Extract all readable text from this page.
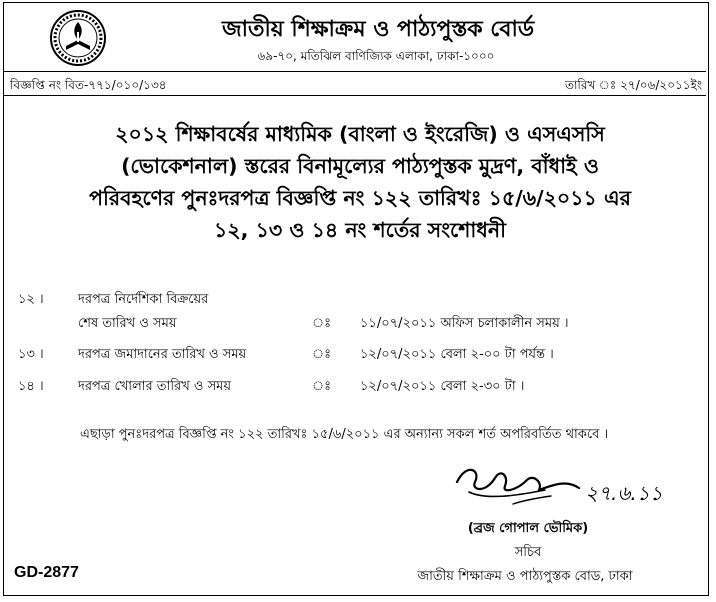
জাতীয় শিক্ষাক্রম ও পাঠ্যপুস্তক বোর্ড
৬৯-৭০, মতিঝিল বাণিজ্যিক এলাকা, ঢাকা-১০০০
বিজ্ঞপ্তি নং বিত-৭৭১/০১০/১৩৪	তারিখ ঃ ২৭/০৬/২০১১ইং
২০১২ শিক্ষাবর্ষের মাধ্যমিক (বাংলা ও ইংরেজি) ও এসএসসি
(ভোকেশনাল) স্তরের বিনামূল্যের পাঠ্যপুস্তক মুদ্রণ, বাঁধাই ও
পরিবহণের পুনঃদরপত্র বিজ্ঞপ্তি নং ১২২ তারিখঃ ১৫/৬/২০১১ এর
১২, ১৩ ও ১৪ নং শর্তের সংশোধনী
১২ ।	দরপত্র নির্দেশিকা বিক্রয়ের
শেষ তারিখ ও সময়	ঃ ১১/০৭/২০১১ অফিস চলাকালীন সময় ।
১৩ ।	দরপত্র জমাদানের তারিখ ও সময়	ঃ ১২/০৭/২০১১ বেলা ২-০০ টা পর্যন্ত ।
১৪ ।	দরপত্র খোলার তারিখ ও সময়	ঃ ১২/০৭/২০১১ বেলা ২-৩০ টা ।
এছাড়া পুনঃদরপত্র বিজ্ঞপ্তি নং ১২২ তারিখঃ ১৫/৬/২০১১ এর অন্যান্য সকল শর্ত অপরিবর্তিত থাকবে ।
২৭.৬.১১
(ব্রজ গোপাল ভৌমিক)
সচিব
জাতীয় শিক্ষাক্রম ও পাঠ্যপুস্তক বোড, ঢাকা
GD-2877
